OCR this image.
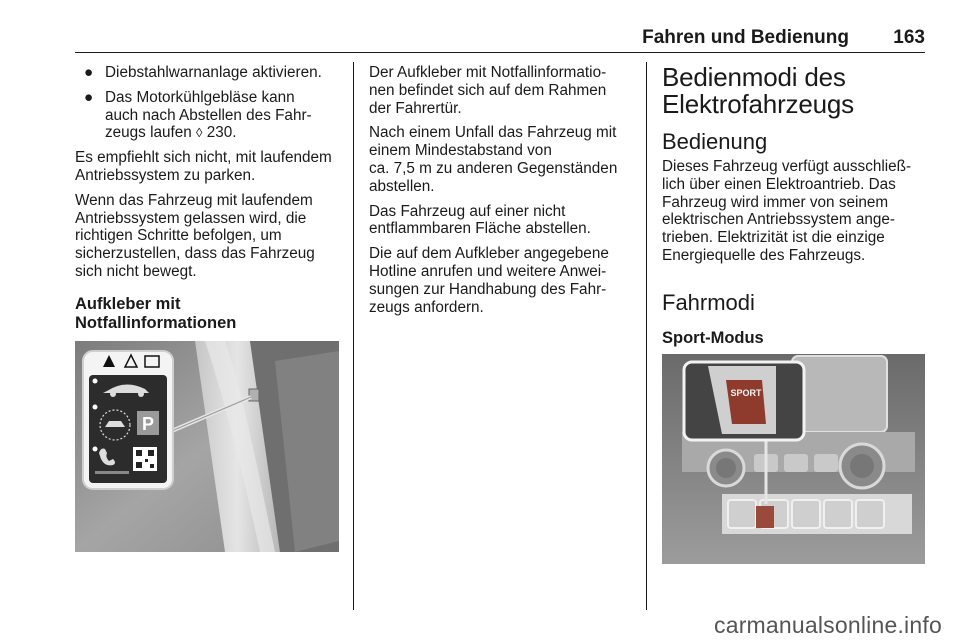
Fahren und Bedienung 163
● Diebstahlwarnanlage aktivieren.
● Das Motorkühlgebläse kann
auch nach Abstellen des Fahr-
zeugs laufen ◊ 230.
Es empfiehlt sich nicht, mit laufendem
Antriebssystem zu parken.
Wenn das Fahrzeug mit laufendem
Antriebssystem gelassen wird, die
richtigen Schritte befolgen, um
sicherzustellen, dass das Fahrzeug
sich nicht bewegt.
Aufkleber mit
Notfallinformationen
P
Der Aufkleber mit Notfallinformatio-
nen befindet sich auf dem Rahmen
der Fahrertür.
Nach einem Unfall das Fahrzeug mit
einem Mindestabstand von
ca. 7,5 m zu anderen Gegenständen
abstellen.
Das Fahrzeug auf einer nicht
entflammbaren Fläche abstellen.
Die auf dem Aufkleber angegebene
Hotline anrufen und weitere Anwei-
sungen zur Handhabung des Fahr-
zeugs anfordern.
Bedienmodi des
Elektrofahrzeugs
Bedienung
Dieses Fahrzeug verfügt ausschließ-
lich über einen Elektroantrieb. Das
Fahrzeug wird immer von seinem
elektrischen Antriebssystem ange-
trieben. Elektrizität ist die einzige
Energiequelle des Fahrzeugs.
Fahrmodi
Sport-Modus
SPORT
carmanualsonline.info
